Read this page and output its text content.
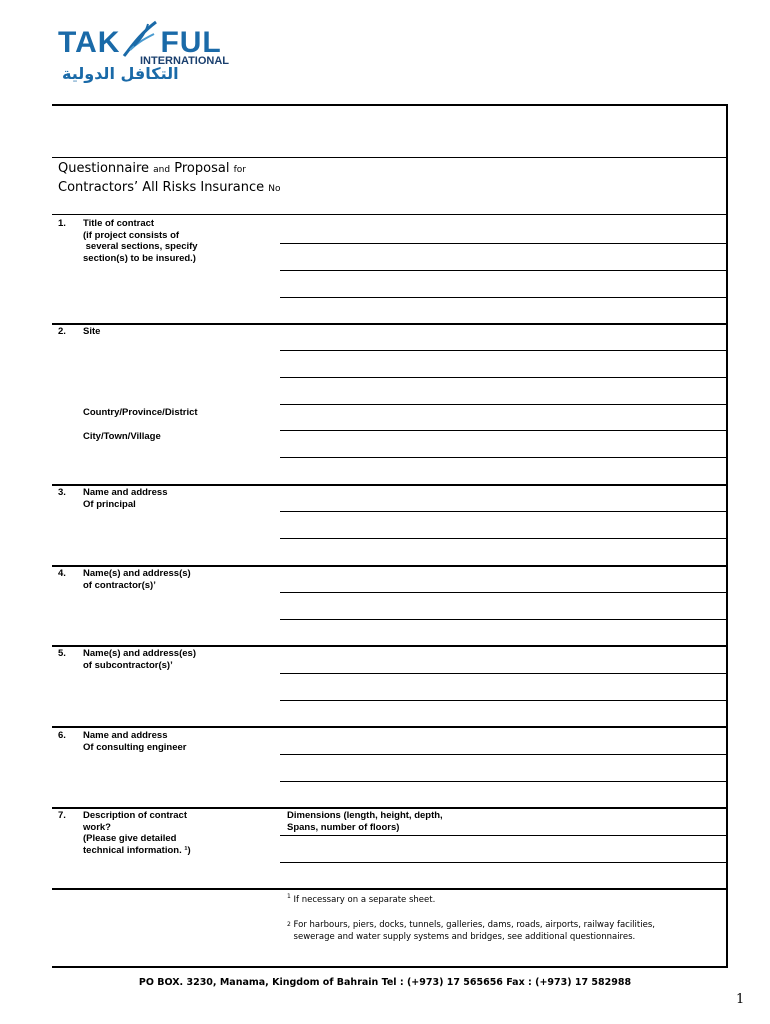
TAK FUL
INTERNATIONAL
التكافل الدولية
Questionnaire and Proposal for
Contractors’ All Risks Insurance No
1. Title of contract
(if project consists of
several sections, specify
section(s) to be insured.)
2. Site
Country/Province/District
City/Town/Village
3. Name and address
Of principal
4. Name(s) and address(s)
of contractor(s)’
5. Name(s) and address(es)
of subcontractor(s)’
6. Name and address
Of consulting engineer
7. Description of contract
work?
(Please give detailed
technical information. ¹)
Dimensions (length, height, depth,
Spans, number of floors)
$^1$ If necessary on a separate sheet.
$^2$ For harbours, piers, docks, tunnels, galleries, dams, roads, airports, railway facilities,
sewerage and water supply systems and bridges, see additional questionnaires.
PO BOX. 3230, Manama, Kingdom of Bahrain Tel : (+973) 17 565656 Fax : (+973) 17 582988
1
